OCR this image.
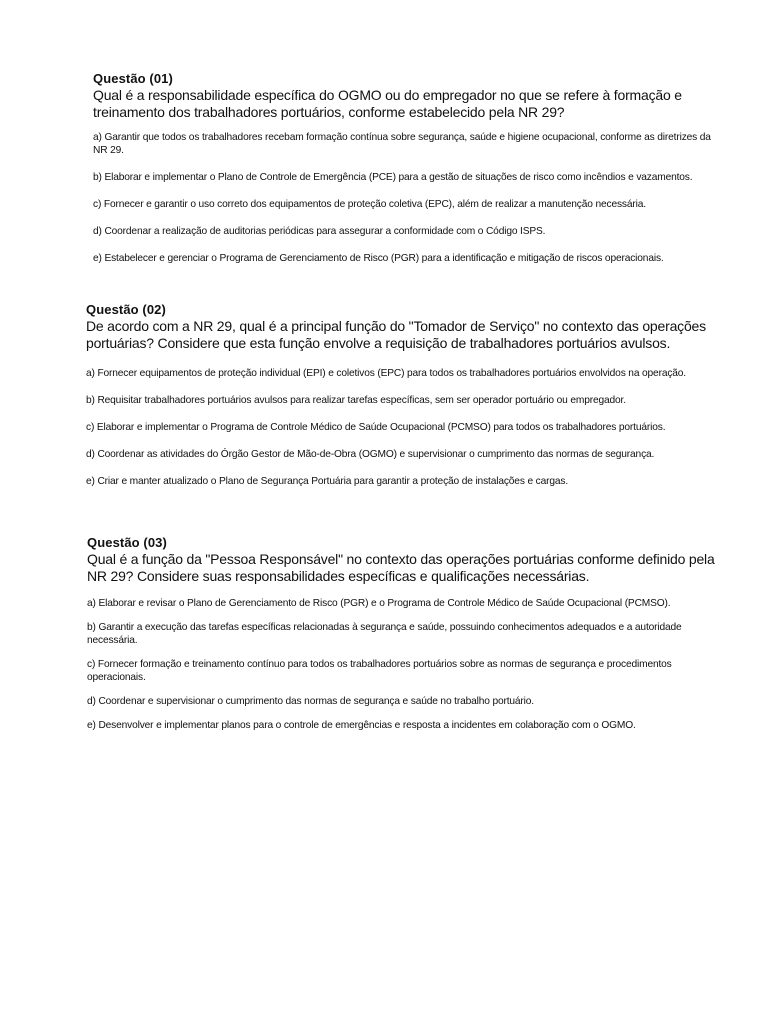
Questão (01)

Qual é a responsabilidade específica do OGMO ou do empregador no que se refere à formação e treinamento dos trabalhadores portuários, conforme estabelecido pela NR 29?

a) Garantir que todos os trabalhadores recebam formação contínua sobre segurança, saúde e higiene ocupacional, conforme as diretrizes da NR 29.

b) Elaborar e implementar o Plano de Controle de Emergência (PCE) para a gestão de situações de risco como incêndios e vazamentos.

c) Fornecer e garantir o uso correto dos equipamentos de proteção coletiva (EPC), além de realizar a manutenção necessária.

d) Coordenar a realização de auditorias periódicas para assegurar a conformidade com o Código ISPS.

e) Estabelecer e gerenciar o Programa de Gerenciamento de Risco (PGR) para a identificação e mitigação de riscos operacionais.

Questão (02)

De acordo com a NR 29, qual é a principal função do "Tomador de Serviço" no contexto das operações portuárias? Considere que esta função envolve a requisição de trabalhadores portuários avulsos.

a) Fornecer equipamentos de proteção individual (EPI) e coletivos (EPC) para todos os trabalhadores portuários envolvidos na operação.

b) Requisitar trabalhadores portuários avulsos para realizar tarefas específicas, sem ser operador portuário ou empregador.

c) Elaborar e implementar o Programa de Controle Médico de Saúde Ocupacional (PCMSO) para todos os trabalhadores portuários.

d) Coordenar as atividades do Órgão Gestor de Mão-de-Obra (OGMO) e supervisionar o cumprimento das normas de segurança.

e) Criar e manter atualizado o Plano de Segurança Portuária para garantir a proteção de instalações e cargas.

Questão (03)

Qual é a função da "Pessoa Responsável" no contexto das operações portuárias conforme definido pela NR 29? Considere suas responsabilidades específicas e qualificações necessárias.

a) Elaborar e revisar o Plano de Gerenciamento de Risco (PGR) e o Programa de Controle Médico de Saúde Ocupacional (PCMSO).

b) Garantir a execução das tarefas específicas relacionadas à segurança e saúde, possuindo conhecimentos adequados e a autoridade necessária.

c) Fornecer formação e treinamento contínuo para todos os trabalhadores portuários sobre as normas de segurança e procedimentos operacionais.

d) Coordenar e supervisionar o cumprimento das normas de segurança e saúde no trabalho portuário.

e) Desenvolver e implementar planos para o controle de emergências e resposta a incidentes em colaboração com o OGMO.
